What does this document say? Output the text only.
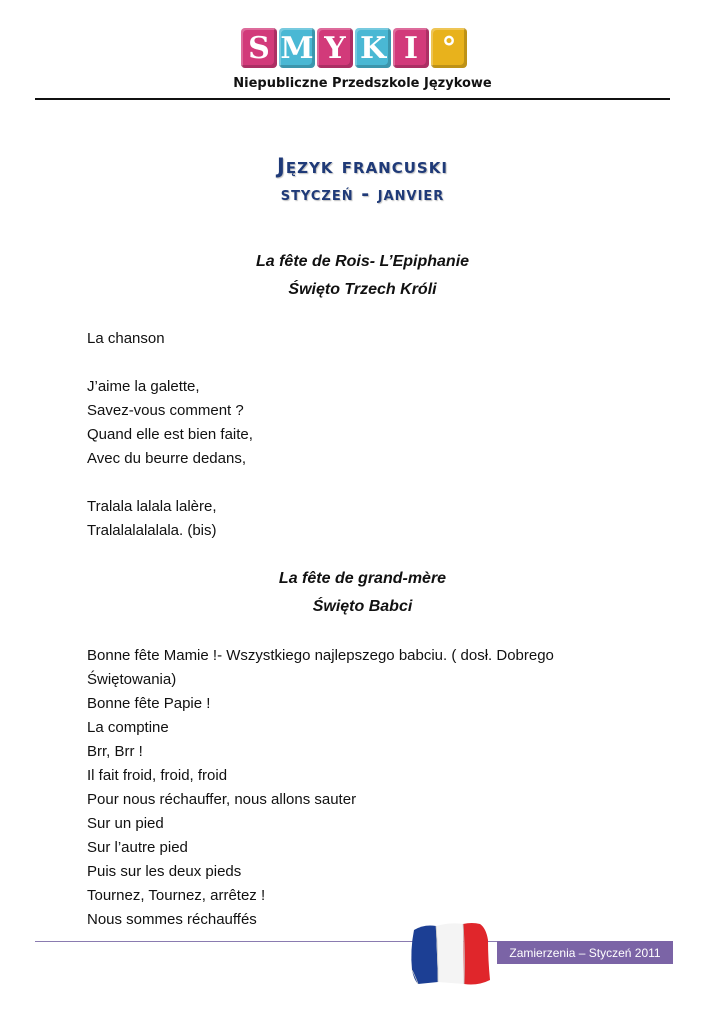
S M Y K I °
Niepubliczne Przedszkole Językowe
Język francuski
styczeń - janvier
La fête de Rois- L’Epiphanie
Święto Trzech Króli
La chanson
J’aime la galette,
Savez-vous comment ?
Quand elle est bien faite,
Avec du beurre dedans,
Tralala lalala lalère,
Tralalalalalala. (bis)
La fête de grand-mère
Święto Babci
Bonne fête Mamie !- Wszystkiego najlepszego babciu. ( dosł. Dobrego
Świętowania)
Bonne fête Papie !
La comptine
Brr, Brr !
Il fait froid, froid, froid
Pour nous réchauffer, nous allons sauter
Sur un pied
Sur l’autre pied
Puis sur les deux pieds
Tournez, Tournez, arrêtez !
Nous sommes réchauffés
Zamierzenia – Styczeń 2011
